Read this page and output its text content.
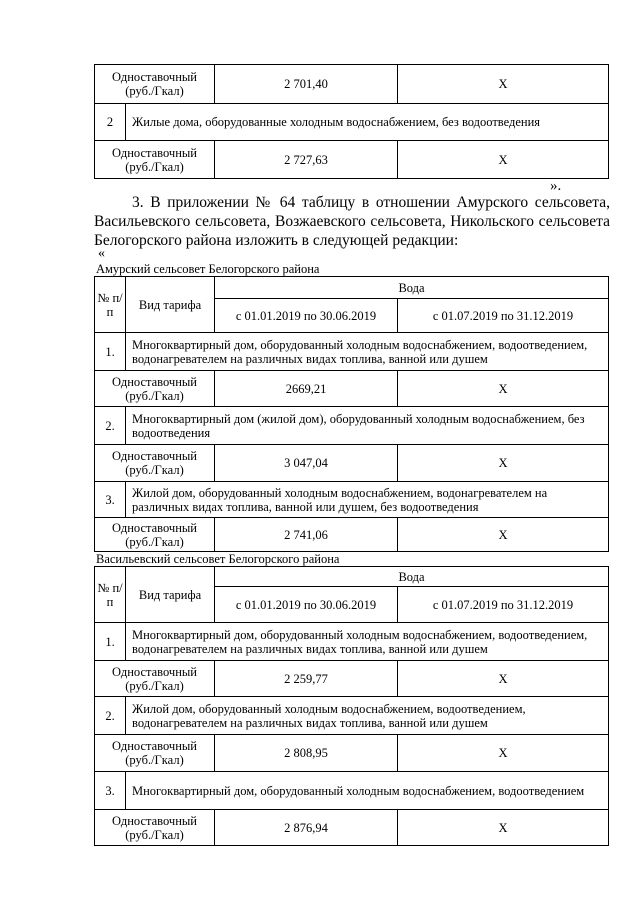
Одноставочный (руб./Гкал)		2 701,40	Х
2	Жилые дома, оборудованные холодным водоснабжением, без водоотведения		
Одноставочный (руб./Гкал)		2 727,63	Х
».
3. В приложении № 64 таблицу в отношении Амурского сельсовета,
Васильевского сельсовета, Возжаевского сельсовета, Никольского сельсовета
Белогорского района изложить в следующей редакции:
«
Амурский сельсовет Белогорского района
№ п/п	Вид тарифа	Вода	
		с 01.01.2019 по 30.06.2019	с 01.07.2019 по 31.12.2019
1.	Многоквартирный дом, оборудованный холодным водоснабжением, водоотведением, водонагревателем на различных видах топлива, ванной или душем		
Одноставочный (руб./Гкал)		2669,21	Х
2.	Многоквартирный дом (жилой дом), оборудованный холодным водоснабжением, без водоотведения		
Одноставочный (руб./Гкал)		3 047,04	Х
3.	Жилой дом, оборудованный холодным водоснабжением, водонагревателем на различных видах топлива, ванной или душем, без водоотведения		
Одноставочный (руб./Гкал)		2 741,06	Х
Васильевский сельсовет Белогорского района
№ п/п	Вид тарифа	Вода	
		с 01.01.2019 по 30.06.2019	с 01.07.2019 по 31.12.2019
1.	Многоквартирный дом, оборудованный холодным водоснабжением, водоотведением, водонагревателем на различных видах топлива, ванной или душем		
Одноставочный (руб./Гкал)		2 259,77	Х
2.	Жилой дом, оборудованный холодным водоснабжением, водоотведением, водонагревателем на различных видах топлива, ванной или душем		
Одноставочный (руб./Гкал)		2 808,95	Х
3.	Многоквартирный дом, оборудованный холодным водоснабжением, водоотведением		
Одноставочный (руб./Гкал)		2 876,94	Х
